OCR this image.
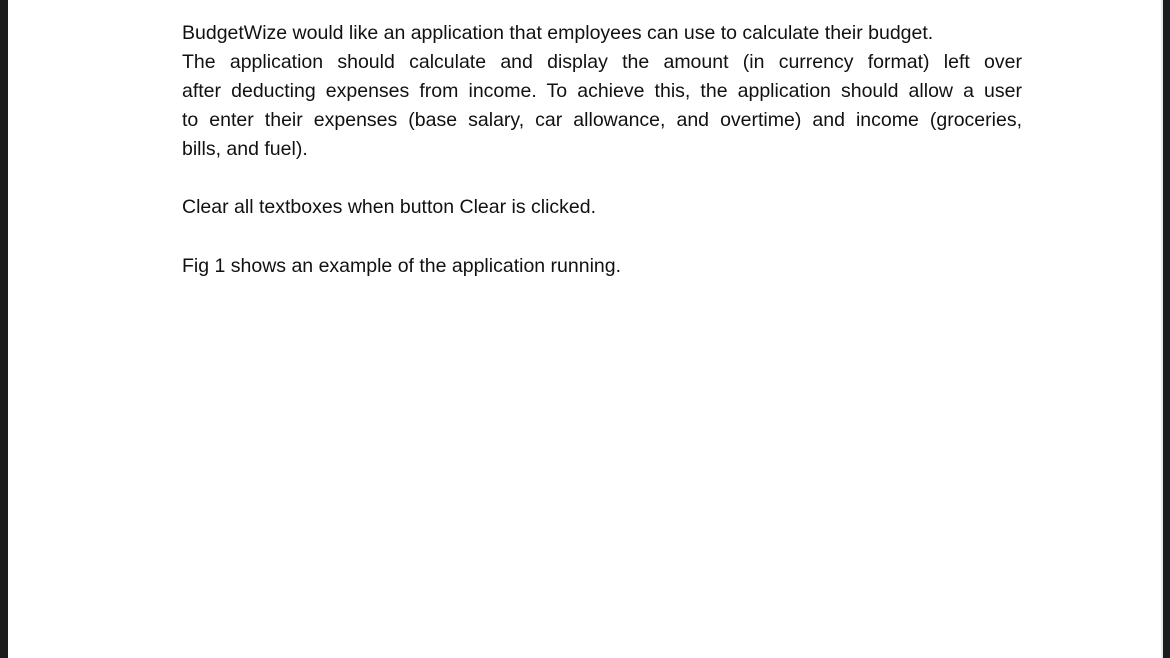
BudgetWize would like an application that employees can use to calculate their budget.
The application should calculate and display the amount (in currency format) left over
after deducting expenses from income. To achieve this, the application should allow a user
to enter their expenses (base salary, car allowance, and overtime) and income (groceries,
bills, and fuel).

Clear all textboxes when button Clear is clicked.

Fig 1 shows an example of the application running.
